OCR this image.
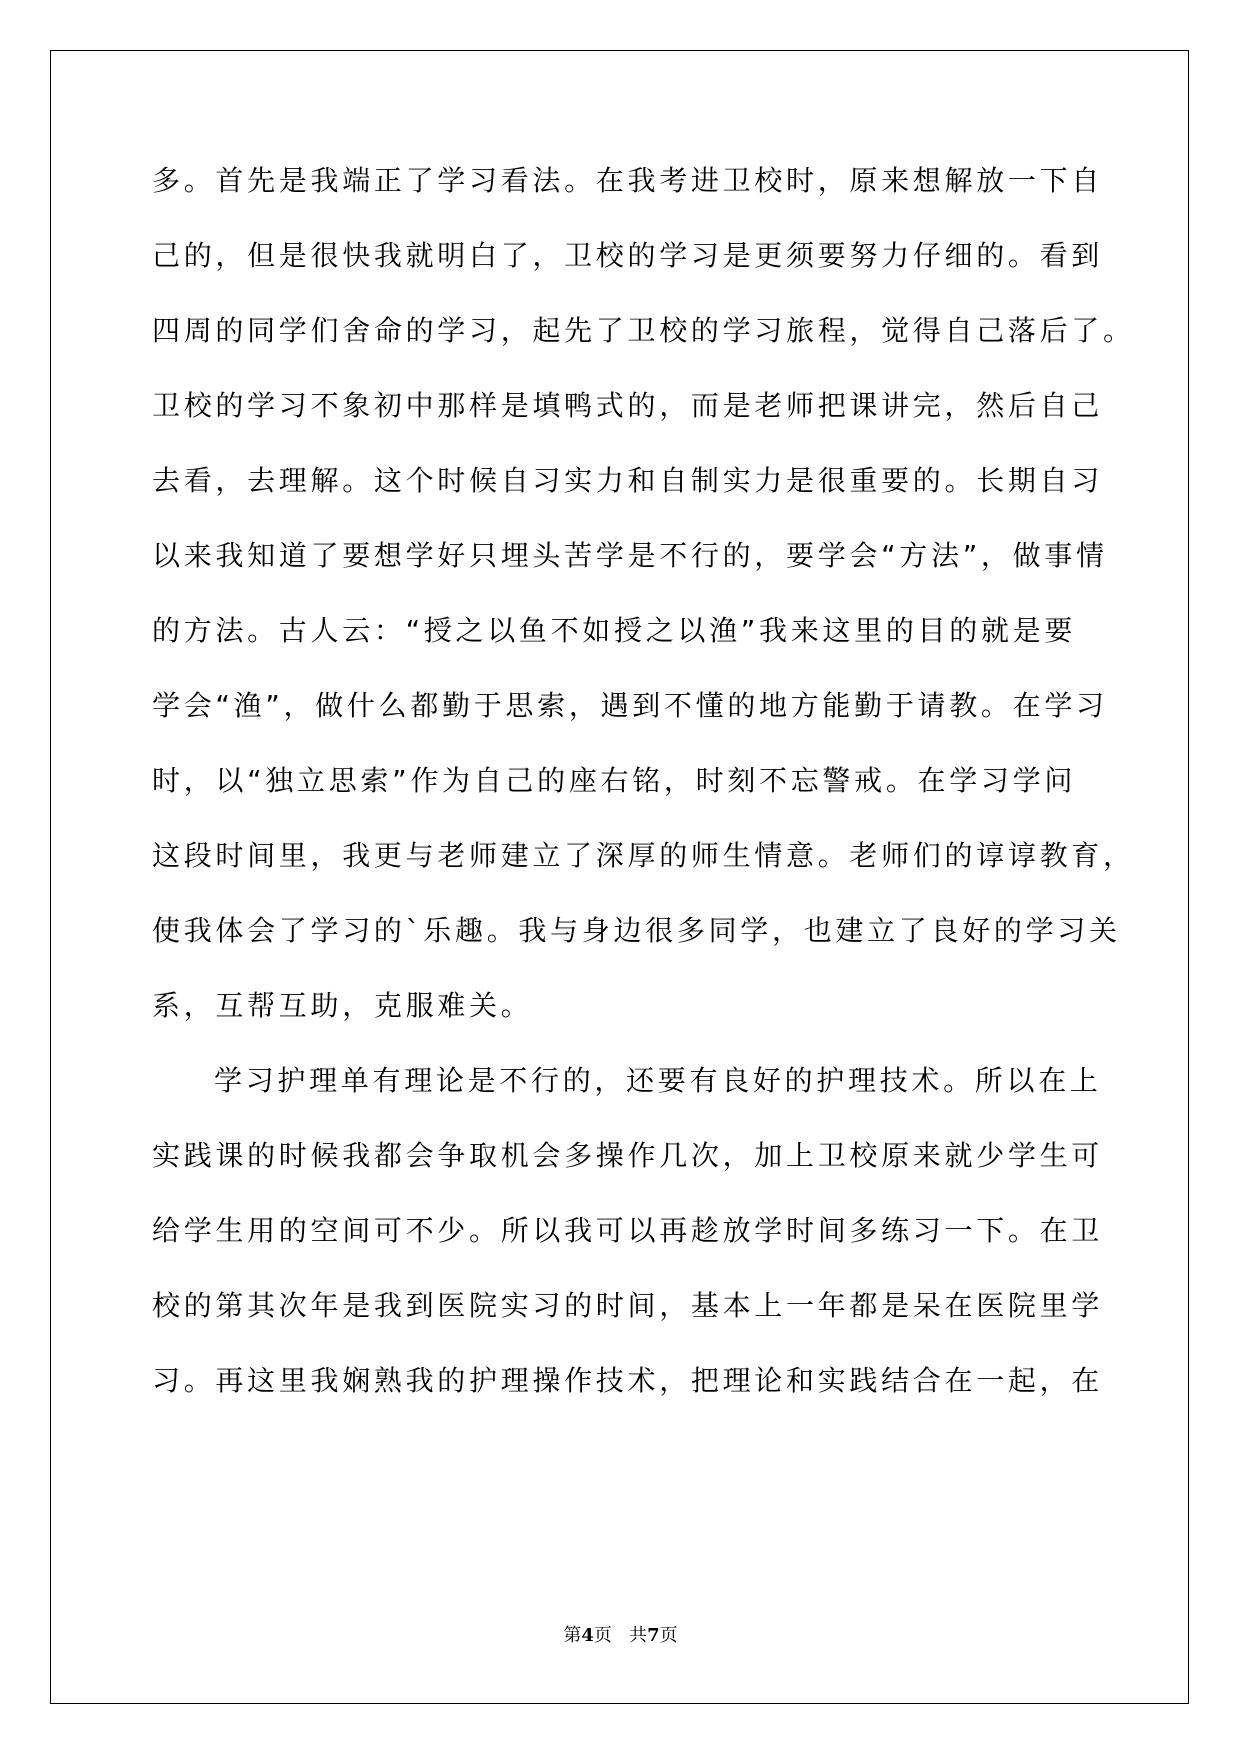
多。首先是我端正了学习看法。在我考进卫校时，原来想解放一下自
己的，但是很快我就明白了，卫校的学习是更须要努力仔细的。看到
四周的同学们舍命的学习，起先了卫校的学习旅程，觉得自己落后了。
卫校的学习不象初中那样是填鸭式的，而是老师把课讲完，然后自己
去看，去理解。这个时候自习实力和自制实力是很重要的。长期自习
以来我知道了要想学好只埋头苦学是不行的，要学会“方法”，做事情
的方法。古人云：“授之以鱼不如授之以渔”我来这里的目的就是要
学会“渔”，做什么都勤于思索，遇到不懂的地方能勤于请教。在学习
时，以“独立思索”作为自己的座右铭，时刻不忘警戒。在学习学问
这段时间里，我更与老师建立了深厚的师生情意。老师们的谆谆教育，
使我体会了学习的`乐趣。我与身边很多同学，也建立了良好的学习关
系，互帮互助，克服难关。
学习护理单有理论是不行的，还要有良好的护理技术。所以在上
实践课的时候我都会争取机会多操作几次，加上卫校原来就少学生可
给学生用的空间可不少。所以我可以再趁放学时间多练习一下。在卫
校的第其次年是我到医院实习的时间，基本上一年都是呆在医院里学
习。再这里我娴熟我的护理操作技术，把理论和实践结合在一起，在
第4页 共7页
